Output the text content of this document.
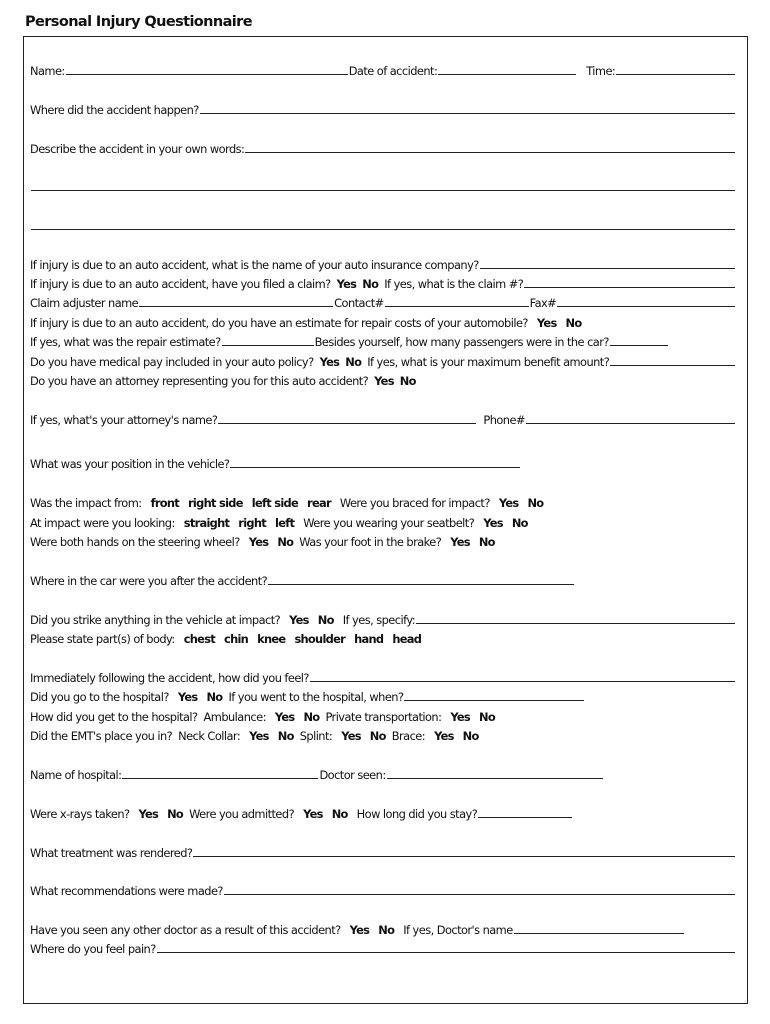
Personal Injury Questionnaire
Name:	Date of accident:	Time:
Where did the accident happen?
Describe the accident in your own words:
If injury is due to an auto accident, what is the name of your auto insurance company?
If injury is due to an auto accident, have you filed a claim? Yes No If yes, what is the claim #?
Claim adjuster name	Contact#	Fax#
If injury is due to an auto accident, do you have an estimate for repair costs of your automobile? Yes No
If yes, what was the repair estimate?	Besides yourself, how many passengers were in the car?
Do you have medical pay included in your auto policy? Yes No If yes, what is your maximum benefit amount?
Do you have an attorney representing you for this auto accident? Yes No
If yes, what's your attorney's name?	Phone#
What was your position in the vehicle?
Was the impact from: front right side left side rear Were you braced for impact? Yes No
At impact were you looking: straight right left Were you wearing your seatbelt? Yes No
Were both hands on the steering wheel? Yes No Was your foot in the brake? Yes No
Where in the car were you after the accident?
Did you strike anything in the vehicle at impact? Yes No If yes, specify:
Please state part(s) of body: chest chin knee shoulder hand head
Immediately following the accident, how did you feel?
Did you go to the hospital? Yes No If you went to the hospital, when?
How did you get to the hospital? Ambulance: Yes No Private transportation: Yes No
Did the EMT's place you in? Neck Collar: Yes No Splint: Yes No Brace: Yes No
Name of hospital:	Doctor seen:
Were x-rays taken? Yes No Were you admitted? Yes No How long did you stay?
What treatment was rendered?
What recommendations were made?
Have you seen any other doctor as a result of this accident? Yes No If yes, Doctor's name
Where do you feel pain?
